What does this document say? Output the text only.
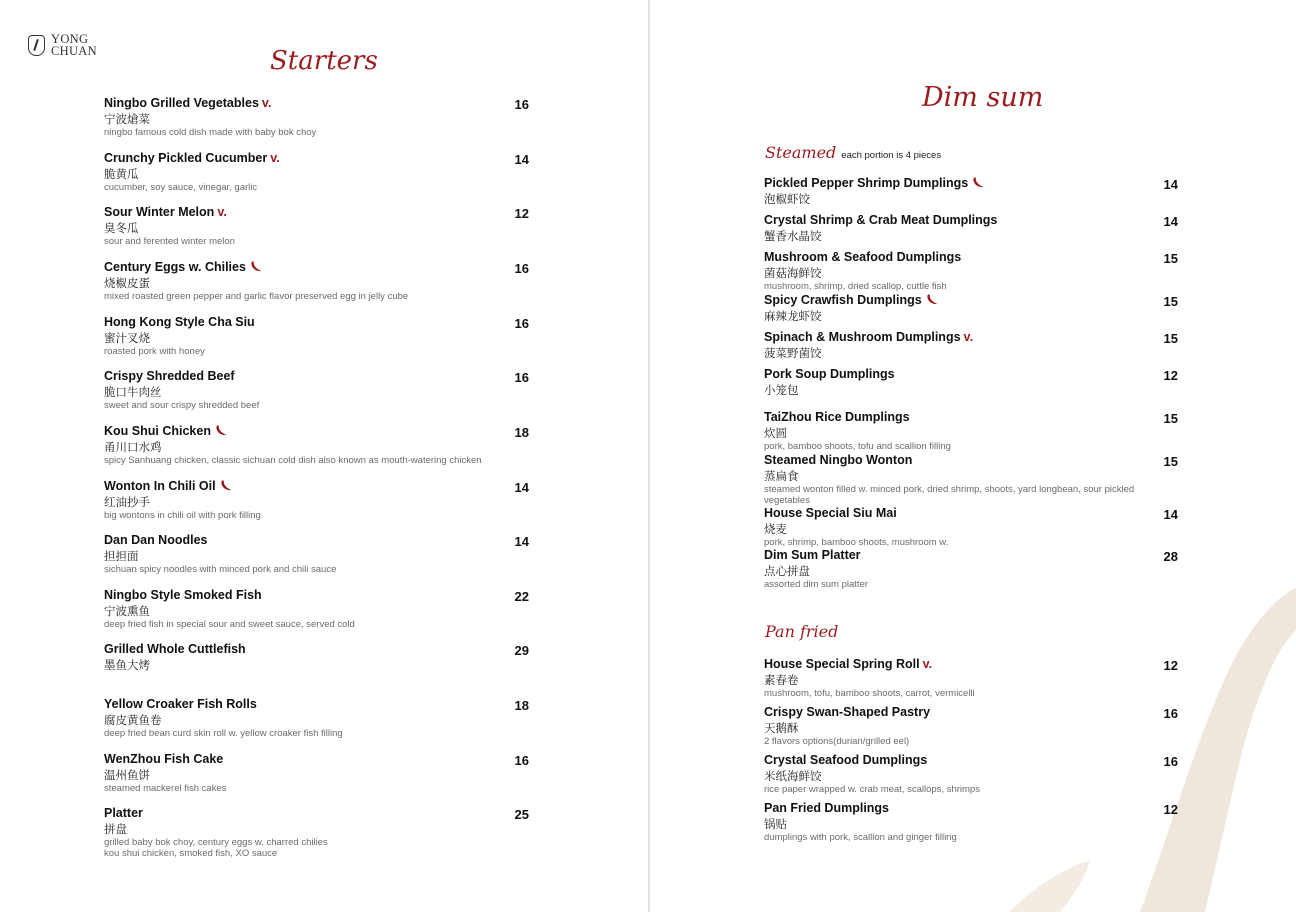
YONG
CHUAN	Starters
Ningbo Grilled Vegetables v.
宁波熗菜
ningbo famous cold dish made with baby bok choy
16
Crunchy Pickled Cucumber v.
脆黄瓜
cucumber, soy sauce, vinegar, garlic
14
Sour Winter Melon v.
臭冬瓜
sour and ferented winter melon
12
Century Eggs w. Chilies
烧椒皮蛋
mixed roasted green pepper and garlic flavor preserved egg in jelly cube
16
Hong Kong Style Cha Siu
蜜汁叉烧
roasted pork with honey
16
Crispy Shredded Beef
脆口牛肉丝
sweet and sour crispy shredded beef
16
Kou Shui Chicken
甬川口水鸡
spicy Sanhuang chicken, classic sichuan cold dish also known as mouth-watering chicken
18
Wonton In Chili Oil
红油抄手
big wontons in chili oil with pork filling
14
Dan Dan Noodles
担担面
sichuan spicy noodles with minced pork and chili sauce
14
Ningbo Style Smoked Fish
宁波熏鱼
deep fried fish in special sour and sweet sauce, served cold
22
Grilled Whole Cuttlefish
墨鱼大烤
29
Yellow Croaker Fish Rolls
腐皮黄鱼卷
deep fried bean curd skin roll w. yellow croaker fish filling
18
WenZhou Fish Cake
温州鱼饼
steamed mackerel fish cakes
16
Platter
拼盘
grilled baby bok choy, century eggs w. charred chilies
kou shui chicken, smoked fish, XO sauce
25
Dim sum
Steamed each portion is 4 pieces
Pickled Pepper Shrimp Dumplings
泡椒虾饺
14
Crystal Shrimp & Crab Meat Dumplings
蟹香水晶饺
14
Mushroom & Seafood Dumplings
菌菇海鲜饺
mushroom, shrimp, dried scallop, cuttle fish
15
Spicy Crawfish Dumplings
麻辣龙虾饺
15
Spinach & Mushroom Dumplings v.
菠菜野菌饺
15
Pork Soup Dumplings
小笼包
12
TaiZhou Rice Dumplings
炊圆
pork, bamboo shoots, tofu and scallion filling
15
Steamed Ningbo Wonton
蒸扁食
steamed wonton filled w. minced pork, dried shrimp, shoots, yard longbean, sour pickled vegetables
15
House Special Siu Mai
烧麦
pork, shrimp, bamboo shoots, mushroom w.
14
Dim Sum Platter
点心拼盘
assorted dim sum platter
28
Pan fried
House Special Spring Roll v.
素春卷
mushroom, tofu, bamboo shoots, carrot, vermicelli
12
Crispy Swan-Shaped Pastry
天鹅酥
2 flavors options(durian/grilled eel)
16
Crystal Seafood Dumplings
米纸海鲜饺
rice paper wrapped w. crab meat, scallops, shrimps
16
Pan Fried Dumplings
锅贴
dumplings with pork, scallion and ginger filling
12
